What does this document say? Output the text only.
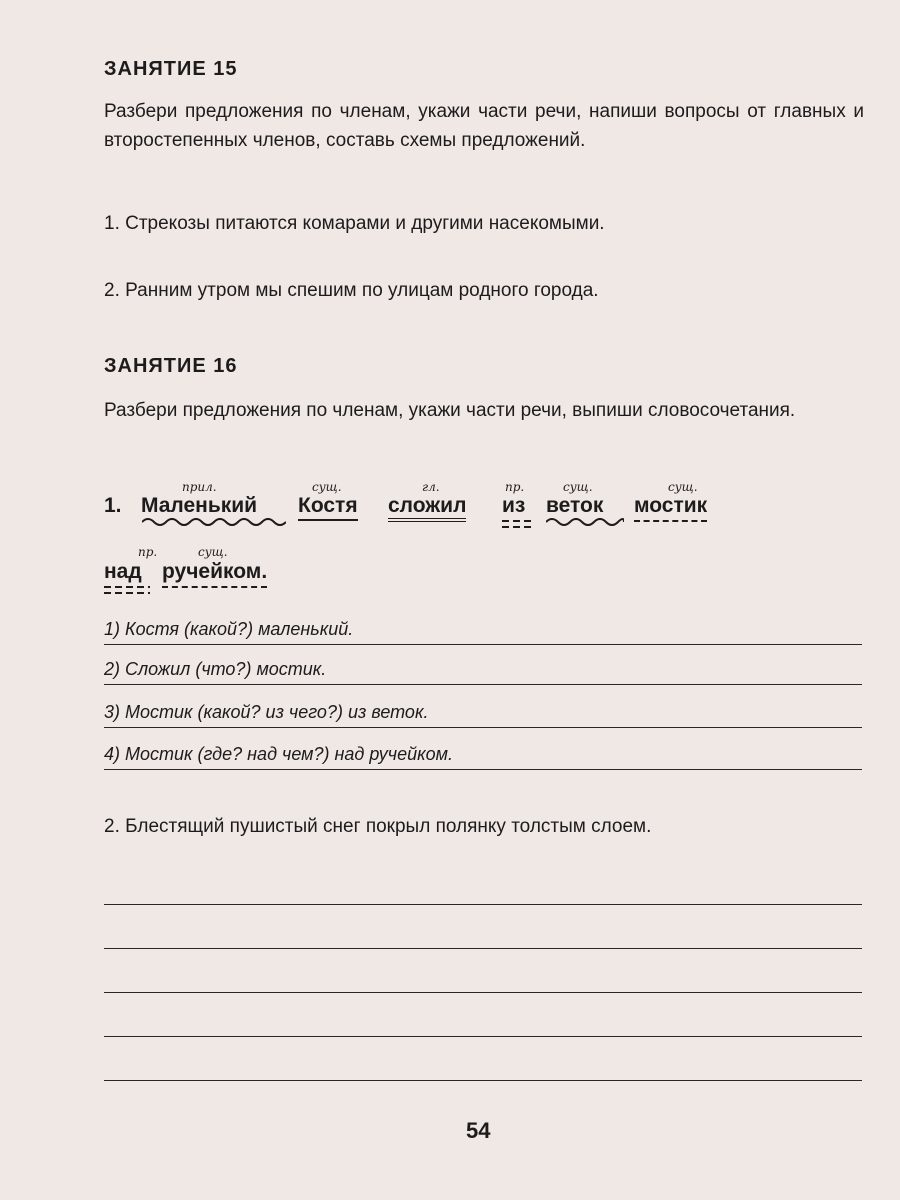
ЗАНЯТИЕ 15
Разбери предложения по членам, укажи части речи, напиши вопросы от главных и второстепенных членов, составь схемы предложений.
1. Стрекозы питаются комарами и другими насекомыми.
2. Ранним утром мы спешим по улицам родного города.
ЗАНЯТИЕ 16
Разбери предложения по членам, укажи части речи, выпиши словосочетания.
1.
прил.
Маленький
сущ.
Костя
гл.
сложил
пр.
из
сущ.
веток
сущ.
мостик
пр.
над
сущ.
ручейком.
1) Костя (какой?) маленький.
2) Сложил (что?) мостик.
3) Мостик (какой? из чего?) из веток.
4) Мостик (где? над чем?) над ручейком.
2. Блестящий пушистый снег покрыл полянку толстым слоем.
54
